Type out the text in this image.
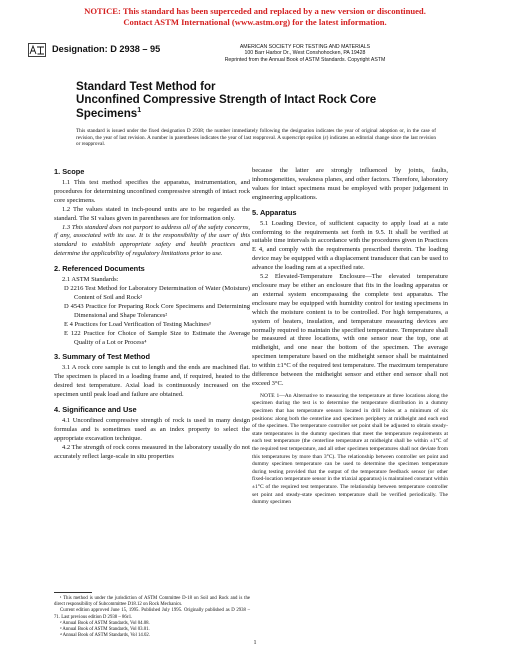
NOTICE: This standard has been superceded and replaced by a new version or discontinued.
Contact ASTM International (www.astm.org) for the latest information.
Designation: D 2938 – 95	AMERICAN SOCIETY FOR TESTING AND MATERIALS
100 Barr Harbor Dr., West Conshohocken, PA 19428
Reprinted from the Annual Book of ASTM Standards. Copyright ASTM
Standard Test Method for
Unconfined Compressive Strength of Intact Rock Core
Specimens$^1$
This standard is issued under the fixed designation D 2938; the number immediately following the designation indicates the year of original adoption or, in the case of revision, the year of last revision. A number in parentheses indicates the year of last reapproval. A superscript epsilon (ε) indicates an editorial change since the last revision or reapproval.
1. Scope

1.1 This test method specifies the apparatus, instrumentation, and procedures for determining unconfined compressive strength of intact rock core specimens.

1.2 The values stated in inch-pound units are to be regarded as the standard. The SI values given in parentheses are for information only.

1.3 This standard does not purport to address all of the safety concerns, if any, associated with its use. It is the responsibility of the user of this standard to establish appropriate safety and health practices and determine the applicability of regulatory limitations prior to use.

2. Referenced Documents

2.1 ASTM Standards:

D 2216 Test Method for Laboratory Determination of Water (Moisture) Content of Soil and Rock²

D 4543 Practice for Preparing Rock Core Specimens and Determining Dimensional and Shape Tolerances²

E 4 Practices for Load Verification of Testing Machines³

E 122 Practice for Choice of Sample Size to Estimate the Average Quality of a Lot or Process⁴

3. Summary of Test Method

3.1 A rock core sample is cut to length and the ends are machined flat. The specimen is placed in a loading frame and, if required, heated to the desired test temperature. Axial load is continuously increased on the specimen until peak load and failure are obtained.

4. Significance and Use

4.1 Unconfined compressive strength of rock is used in many design formulas and is sometimes used as an index property to select the appropriate excavation technique.

4.2 The strength of rock cores measured in the laboratory usually do not accurately reflect large-scale in situ properties

because the latter are strongly influenced by joints, faults, inhomogeneities, weakness planes, and other factors. Therefore, laboratory values for intact specimens must be employed with proper judgement in engineering applications.

5. Apparatus

5.1 Loading Device, of sufficient capacity to apply load at a rate conforming to the requirements set forth in 9.5. It shall be verified at suitable time intervals in accordance with the procedures given in Practices E 4, and comply with the requirements prescribed therein. The loading device may be equipped with a displacement transducer that can be used to advance the loading ram at a specified rate.

5.2 Elevated-Temperature Enclosure—The elevated temperature enclosure may be either an enclosure that fits in the loading apparatus or an external system encompassing the complete test apparatus. The enclosure may be equipped with humidity control for testing specimens in which the moisture content is to be controlled. For high temperatures, a system of heaters, insulation, and temperature measuring devices are normally required to maintain the specified temperature. Temperature shall be measured at three locations, with one sensor near the top, one at midheight, and one near the bottom of the specimen. The average specimen temperature based on the midheight sensor shall be maintained to within ±1°C of the required test temperature. The maximum temperature difference between the midheight sensor and either end sensor shall not exceed 3°C.

NOTE 1—An Alternative to measuring the temperature at three locations along the specimen during the test is to determine the temperature distribution in a dummy specimen that has temperature sensors located in drill holes at a minimum of six positions: along both the centerline and specimen periphery at midheight and each end of the specimen. The temperature controller set point shall be adjusted to obtain steady-state temperatures in the dummy specimen that meet the temperature requirements at each test temperature (the centerline temperature at midheight shall be within ±1°C of the required test temperature, and all other specimen temperatures shall not deviate from this temperatures by more than 3°C). The relationship between controller set point and dummy specimen temperature can be used to determine the specimen temperature during testing provided that the output of the temperature feedback sensor (or other fixed-location temperature sensor in the triaxial apparatus) is maintained constant within ±1°C of the required test temperature. The relationship between temperature controller set point and steady-state specimen temperature shall be verified periodically. The dummy specimen

¹ This method is under the jurisdiction of ASTM Committee D-18 on Soil and Rock and is the direct responsibility of Subcommittee D18.12 on Rock Mechanics.

Current edition approved June 15, 1995. Published July 1995. Originally published as D 2938 – 71. Last previous edition D 2938 – 86ε1.

² Annual Book of ASTM Standards, Vol 04.08.

³ Annual Book of ASTM Standards, Vol 03.01.

⁴ Annual Book of ASTM Standards, Vol 14.02.

1
